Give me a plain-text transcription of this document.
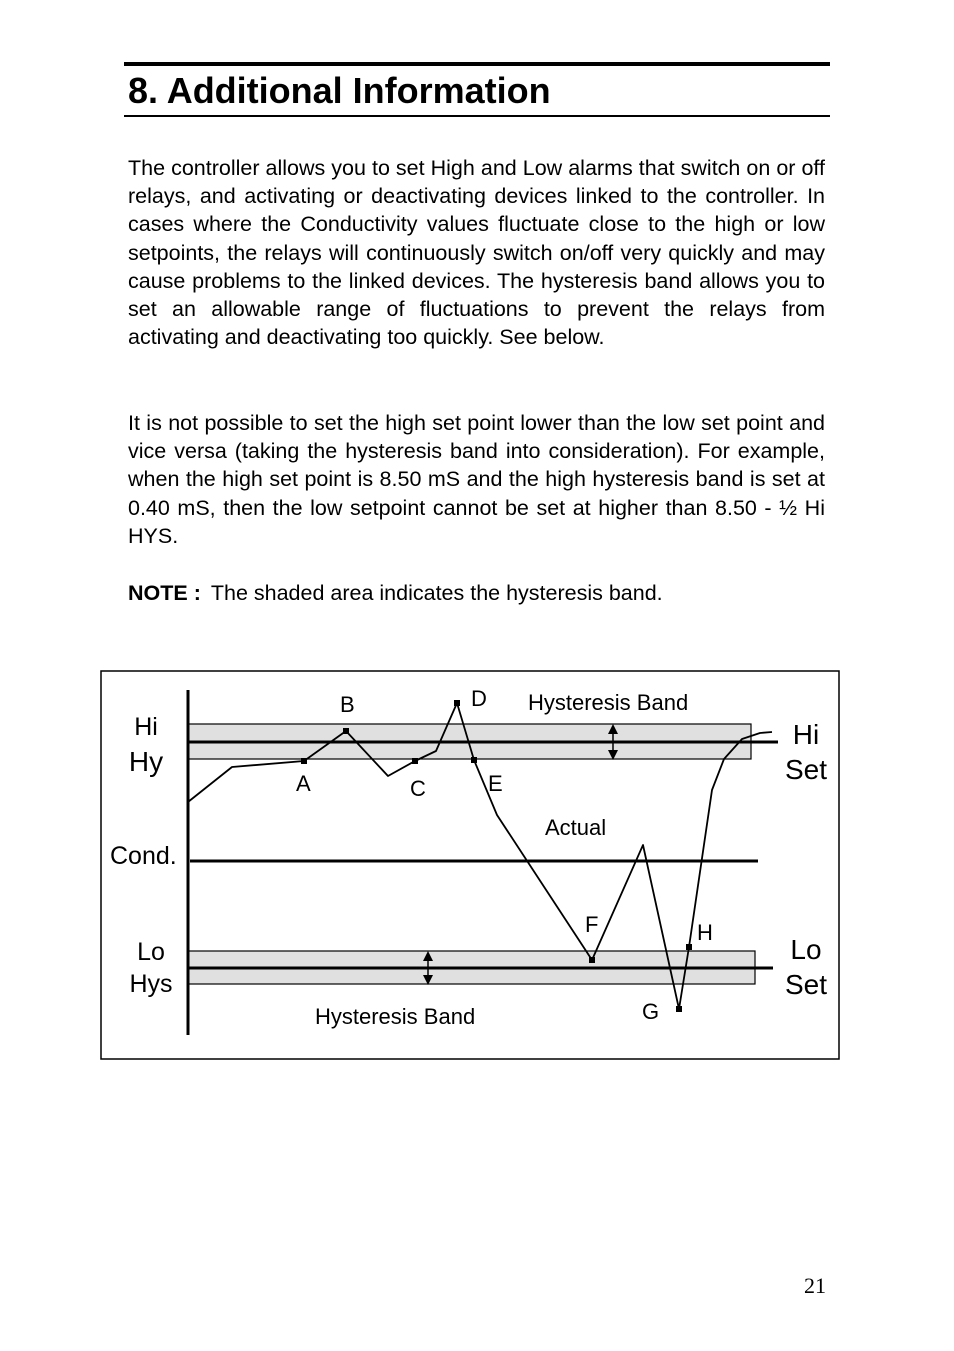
8. Additional Information

The controller allows you to set High and Low alarms that switch on or off relays, and activating or deactivating devices linked to the controller. In cases where the Conductivity values fluctuate close to the high or low setpoints, the relays will continuously switch on/off very quickly and may cause problems to the linked devices. The hysteresis band allows you to set an allowable range of fluctuations to prevent the relays from activating and deactivating too quickly. See below.

It is not possible to set the high set point lower than the low set point and vice versa (taking the hysteresis band into consideration). For example, when the high set point is 8.50 mS and the high hysteresis band is set at 0.40 mS, then the low setpoint cannot be set at higher than 8.50 - ½ Hi HYS.

NOTE : The shaded area indicates the hysteresis band.

Hi
Hy
Cond.
Lo
Hys
Hi
Set
Lo
Set
Hysteresis Band
Hysteresis Band
Actual
A
B
C
D
E
F
G
H
21
